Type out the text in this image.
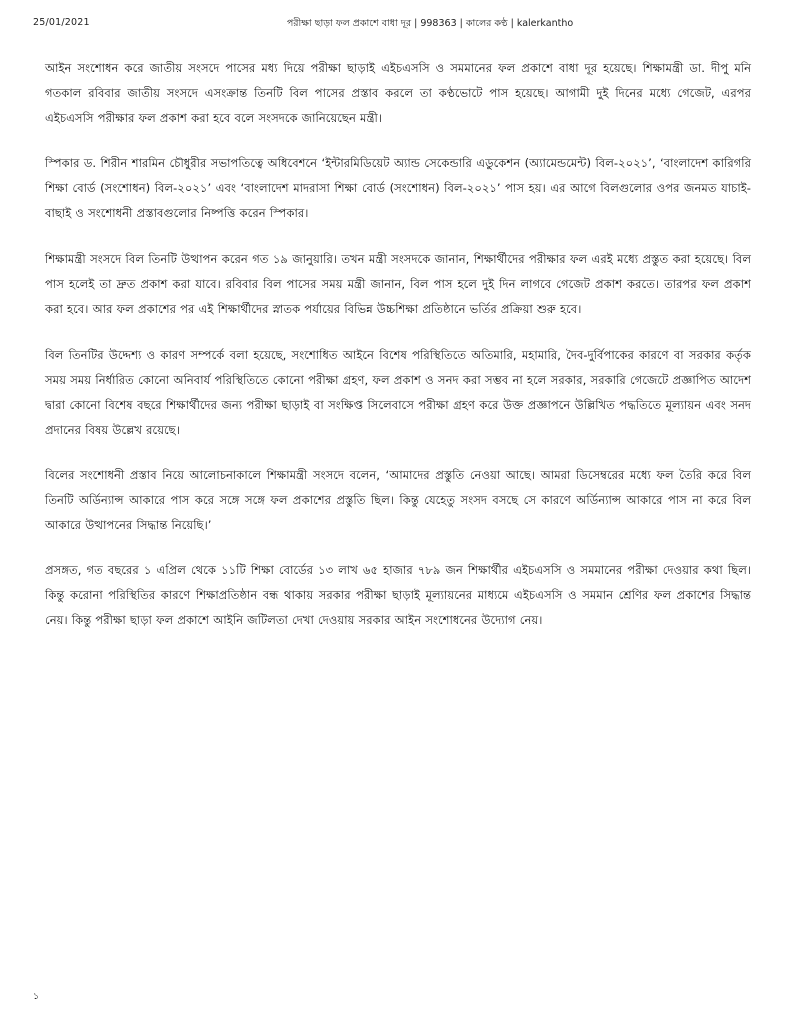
25/01/2021	পরীক্ষা ছাড়া ফল প্রকাশে বাধা দূর | 998363 | কালের কণ্ঠ | kalerkantho

আইন সংশোধন করে জাতীয় সংসদে পাসের মধ্য দিয়ে পরীক্ষা ছাড়াই এইচএসসি ও সমমানের ফল প্রকাশে বাধা দূর হয়েছে। শিক্ষামন্ত্রী ডা. দীপু মনি গতকাল রবিবার জাতীয় সংসদে এসংক্রান্ত তিনটি বিল পাসের প্রস্তাব করলে তা কণ্ঠভোটে পাস হয়েছে। আগামী দুই দিনের মধ্যে গেজেট, এরপর এইচএসসি পরীক্ষার ফল প্রকাশ করা হবে বলে সংসদকে জানিয়েছেন মন্ত্রী।

স্পিকার ড. শিরীন শারমিন চৌধুরীর সভাপতিত্বে অধিবেশনে ‘ইন্টারমিডিয়েট অ্যান্ড সেকেন্ডারি এডুকেশন (অ্যামেন্ডমেন্ট) বিল-২০২১’, ‘বাংলাদেশ কারিগরি শিক্ষা বোর্ড (সংশোধন) বিল-২০২১’ এবং ‘বাংলাদেশ মাদরাসা শিক্ষা বোর্ড (সংশোধন) বিল-২০২১’ পাস হয়। এর আগে বিলগুলোর ওপর জনমত যাচাই-বাছাই ও সংশোধনী প্রস্তাবগুলোর নিষ্পত্তি করেন স্পিকার।

শিক্ষামন্ত্রী সংসদে বিল তিনটি উত্থাপন করেন গত ১৯ জানুয়ারি। তখন মন্ত্রী সংসদকে জানান, শিক্ষার্থীদের পরীক্ষার ফল এরই মধ্যে প্রস্তুত করা হয়েছে। বিল পাস হলেই তা দ্রুত প্রকাশ করা যাবে। রবিবার বিল পাসের সময় মন্ত্রী জানান, বিল পাস হলে দুই দিন লাগবে গেজেট প্রকাশ করতে। তারপর ফল প্রকাশ করা হবে। আর ফল প্রকাশের পর এই শিক্ষার্থীদের স্নাতক পর্যায়ের বিভিন্ন উচ্চশিক্ষা প্রতিষ্ঠানে ভর্তির প্রক্রিয়া শুরু হবে।

বিল তিনটির উদ্দেশ্য ও কারণ সম্পর্কে বলা হয়েছে, সংশোধিত আইনে বিশেষ পরিস্থিতিতে অতিমারি, মহামারি, দৈব-দুর্বিপাকের কারণে বা সরকার কর্তৃক সময় সময় নির্ধারিত কোনো অনিবার্য পরিস্থিতিতে কোনো পরীক্ষা গ্রহণ, ফল প্রকাশ ও সনদ করা সম্ভব না হলে সরকার, সরকারি গেজেটে প্রজ্ঞাপিত আদেশ দ্বারা কোনো বিশেষ বছরে শিক্ষার্থীদের জন্য পরীক্ষা ছাড়াই বা সংক্ষিপ্ত সিলেবাসে পরীক্ষা গ্রহণ করে উক্ত প্রজ্ঞাপনে উল্লিখিত পদ্ধতিতে মূল্যায়ন এবং সনদ প্রদানের বিষয় উল্লেখ রয়েছে।

বিলের সংশোধনী প্রস্তাব নিয়ে আলোচনাকালে শিক্ষামন্ত্রী সংসদে বলেন, ‘আমাদের প্রস্তুতি নেওয়া আছে। আমরা ডিসেম্বরের মধ্যে ফল তৈরি করে বিল তিনটি অর্ডিন্যান্স আকারে পাস করে সঙ্গে সঙ্গে ফল প্রকাশের প্রস্তুতি ছিল। কিন্তু যেহেতু সংসদ বসছে সে কারণে অর্ডিন্যান্স আকারে পাস না করে বিল আকারে উত্থাপনের সিদ্ধান্ত নিয়েছি।’

প্রসঙ্গত, গত বছরের ১ এপ্রিল থেকে ১১টি শিক্ষা বোর্ডের ১৩ লাখ ৬৫ হাজার ৭৮৯ জন শিক্ষার্থীর এইচএসসি ও সমমানের পরীক্ষা দেওয়ার কথা ছিল। কিন্তু করোনা পরিস্থিতির কারণে শিক্ষাপ্রতিষ্ঠান বন্ধ থাকায় সরকার পরীক্ষা ছাড়াই মূল্যায়নের মাধ্যমে এইচএসসি ও সমমান শ্রেণির ফল প্রকাশের সিদ্ধান্ত নেয়। কিন্তু পরীক্ষা ছাড়া ফল প্রকাশে আইনি জটিলতা দেখা দেওয়ায় সরকার আইন সংশোধনের উদ্যোগ নেয়।

১
